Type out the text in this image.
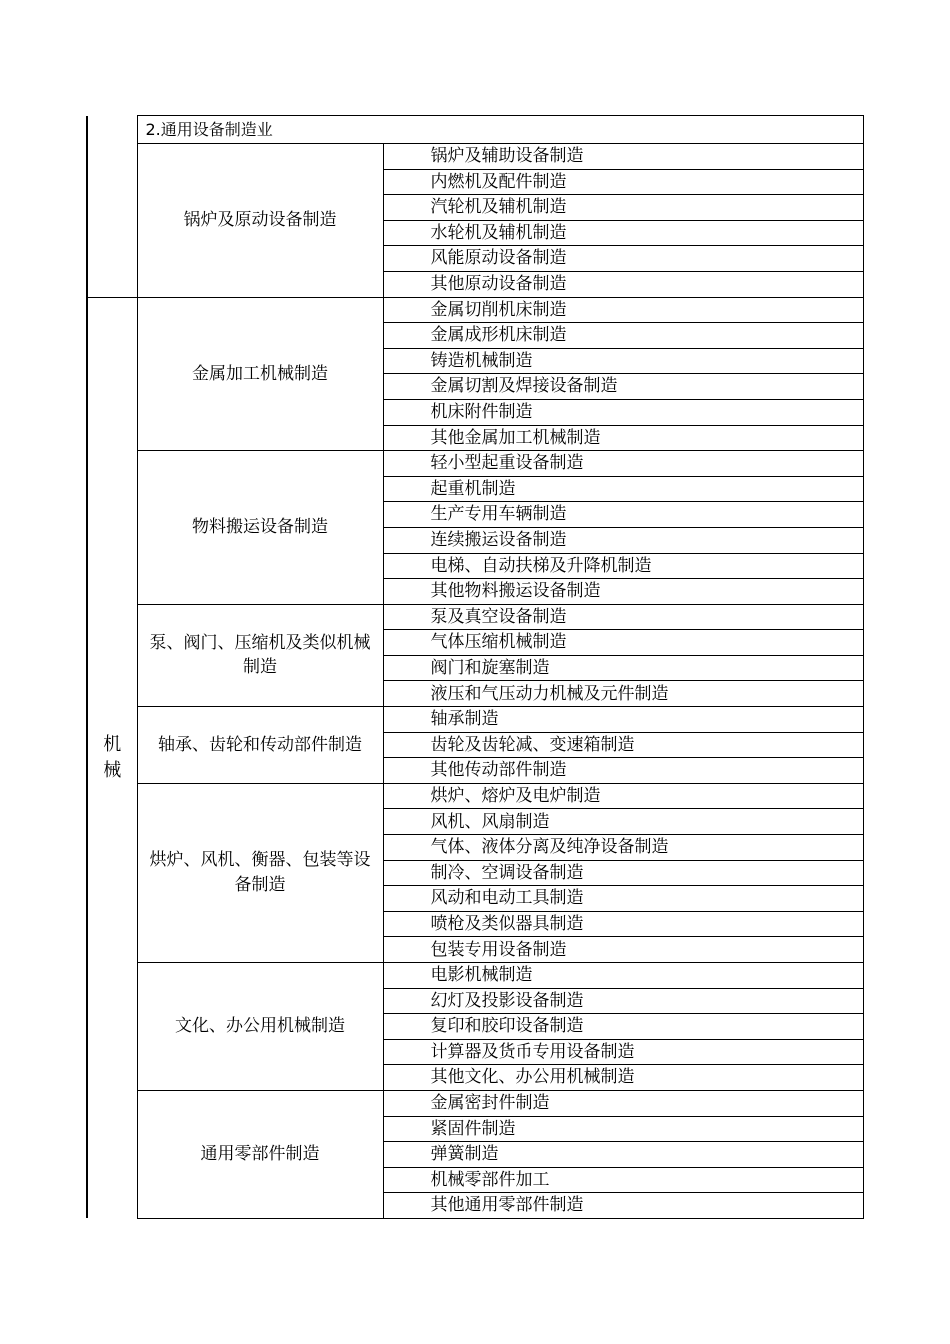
	2.通用设备制造业	
	锅炉及原动设备制造	锅炉及辅助设备制造
		内燃机及配件制造
		汽轮机及辅机制造
		水轮机及辅机制造
		风能原动设备制造
		其他原动设备制造
机械	金属加工机械制造	金属切削机床制造
		金属成形机床制造
		铸造机械制造
		金属切割及焊接设备制造
		机床附件制造
		其他金属加工机械制造
	物料搬运设备制造	轻小型起重设备制造
		起重机制造
		生产专用车辆制造
		连续搬运设备制造
		电梯、自动扶梯及升降机制造
		其他物料搬运设备制造
	泵、阀门、压缩机及类似机械制造	泵及真空设备制造
		气体压缩机械制造
		阀门和旋塞制造
		液压和气压动力机械及元件制造
	轴承、齿轮和传动部件制造	轴承制造
		齿轮及齿轮减、变速箱制造
		其他传动部件制造
	烘炉、风机、衡器、包装等设备制造	烘炉、熔炉及电炉制造
		风机、风扇制造
		气体、液体分离及纯净设备制造
		制冷、空调设备制造
		风动和电动工具制造
		喷枪及类似器具制造
		包装专用设备制造
	文化、办公用机械制造	电影机械制造
		幻灯及投影设备制造
		复印和胶印设备制造
		计算器及货币专用设备制造
		其他文化、办公用机械制造
	通用零部件制造	金属密封件制造
		紧固件制造
		弹簧制造
		机械零部件加工
		其他通用零部件制造
